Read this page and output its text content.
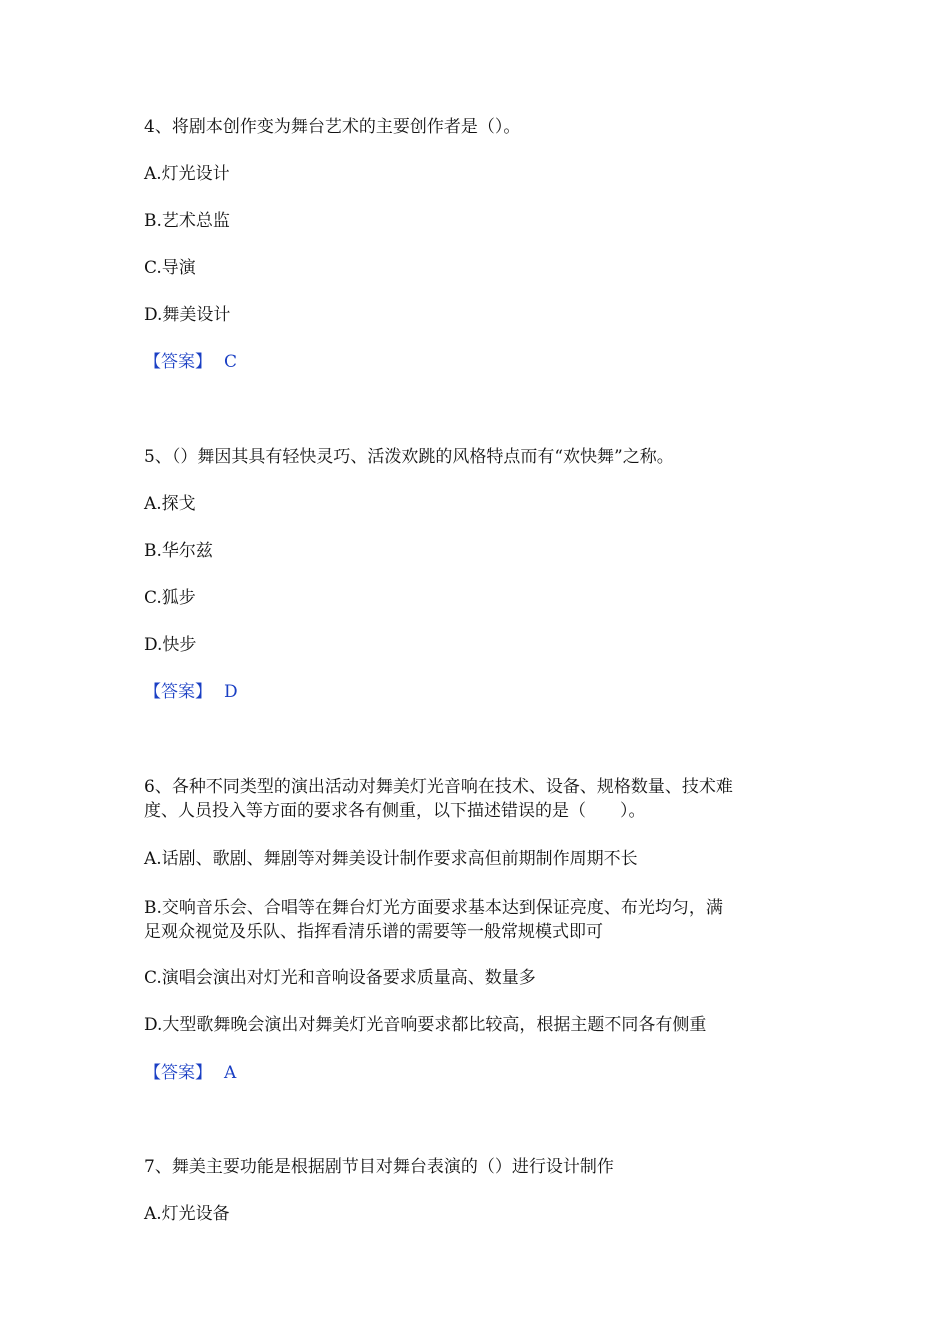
4、将剧本创作变为舞台艺术的主要创作者是（）。
A.灯光设计
B.艺术总监
C.导演
D.舞美设计
【答案】 C
5、（）舞因其具有轻快灵巧、活泼欢跳的风格特点而有“欢快舞”之称。
A.探戈
B.华尔兹
C.狐步
D.快步
【答案】 D
6、各种不同类型的演出活动对舞美灯光音响在技术、设备、规格数量、技术难
度、人员投入等方面的要求各有侧重，以下描述错误的是（　　）。
A.话剧、歌剧、舞剧等对舞美设计制作要求高但前期制作周期不长
B.交响音乐会、合唱等在舞台灯光方面要求基本达到保证亮度、布光均匀，满
足观众视觉及乐队、指挥看清乐谱的需要等一般常规模式即可
C.演唱会演出对灯光和音响设备要求质量高、数量多
D.大型歌舞晚会演出对舞美灯光音响要求都比较高，根据主题不同各有侧重
【答案】 A
7、舞美主要功能是根据剧节目对舞台表演的（）进行设计制作
A.灯光设备
